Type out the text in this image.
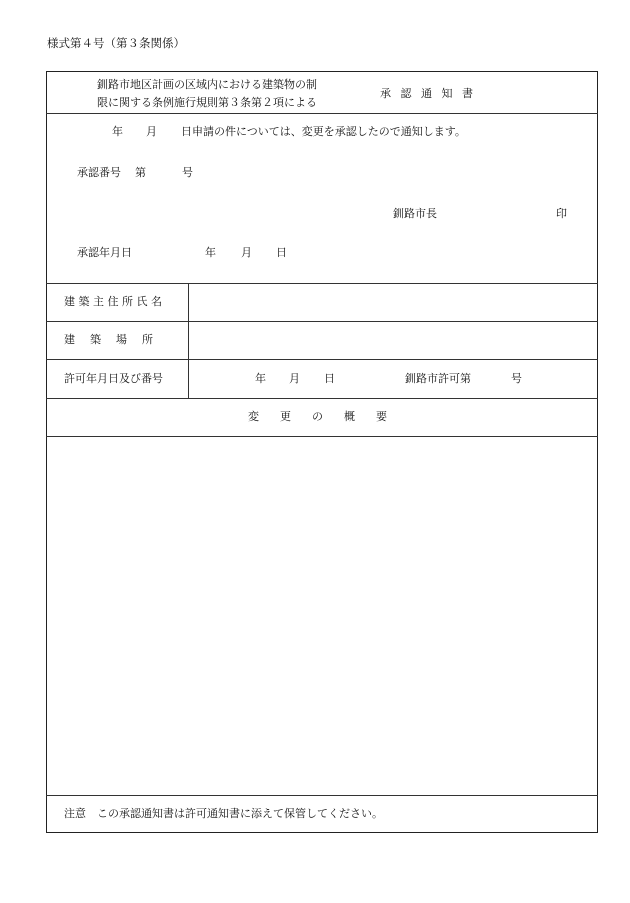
様式第４号（第３条関係）
釧路市地区計画の区域内における建築物の制
限に関する条例施行規則第３条第２項による
承 認 通 知 書
年 月 日申請の件については、変更を承認したので通知します。
承認番号 第	号
釧路市長	印
承認年月日	年 月 日
建 築 主 住 所 氏 名
建　築　場　所
許可年月日及び番号	年 月 日	釧路市許可第	号
変　更　の　概　要
注意　この承認通知書は許可通知書に添えて保管してください。
